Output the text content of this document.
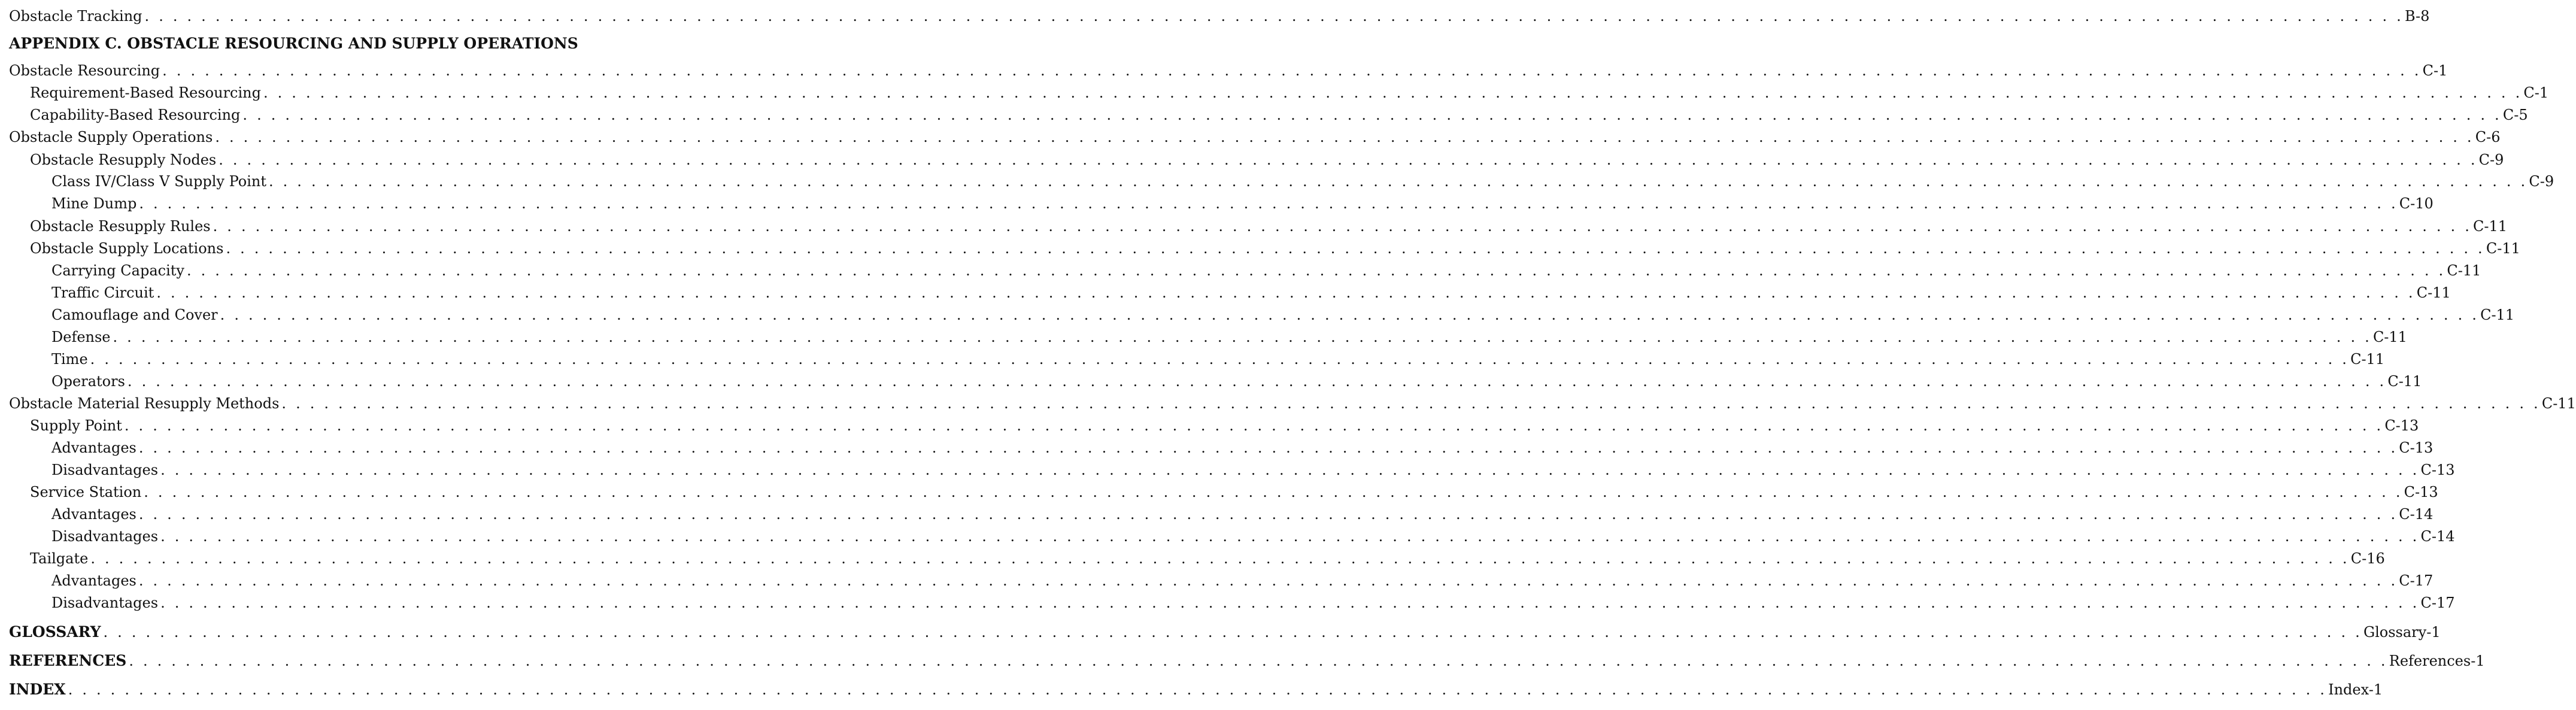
Obstacle Tracking . . . . . . . . . . . . . . . . . . . . . . . . . . . . . . . . . . . . . . . . . . . . . . . . . . . . . . . . . . . . . . . . . . . . . . . . . . . . . . . . . . . . . . . . . . . . . . . . . . . . . . . . . . . . . . . . . . . . . . . . . . . . . . . . . . . . . . . . . . . . . . . . . . . . . . . . . . . . . . . . B-8
APPENDIX C. OBSTACLE RESOURCING AND SUPPLY OPERATIONS
Obstacle Resourcing . . . . . . . . . . . . . . . . . . . . . . . . . . . . . . . . . . . . . . . . . . . . . . . . . . . . . . . . . . . . . . . . . . . . . . . . . . . . . . . . . . . . . . . . . . . . . . . . . . . . . . . . . . . . . . . . . . . . . . . . . . . . . . . . . . . . . . . . . . . . . . . . . . . . . . . . . . . . . . . . C-1
Requirement-Based Resourcing . . . . . . . . . . . . . . . . . . . . . . . . . . . . . . . . . . . . . . . . . . . . . . . . . . . . . . . . . . . . . . . . . . . . . . . . . . . . . . . . . . . . . . . . . . . . . . . . . . . . . . . . . . . . . . . . . . . . . . . . . . . . . . . . . . . . . . . . . . . . . . . . . . . . . . . . . . . . . . . . C-1
Capability-Based Resourcing . . . . . . . . . . . . . . . . . . . . . . . . . . . . . . . . . . . . . . . . . . . . . . . . . . . . . . . . . . . . . . . . . . . . . . . . . . . . . . . . . . . . . . . . . . . . . . . . . . . . . . . . . . . . . . . . . . . . . . . . . . . . . . . . . . . . . . . . . . . . . . . . . . . . . . . . . . . . . . . . C-5
Obstacle Supply Operations . . . . . . . . . . . . . . . . . . . . . . . . . . . . . . . . . . . . . . . . . . . . . . . . . . . . . . . . . . . . . . . . . . . . . . . . . . . . . . . . . . . . . . . . . . . . . . . . . . . . . . . . . . . . . . . . . . . . . . . . . . . . . . . . . . . . . . . . . . . . . . . . . . . . . . . . . . . . . . . . C-6
Obstacle Resupply Nodes . . . . . . . . . . . . . . . . . . . . . . . . . . . . . . . . . . . . . . . . . . . . . . . . . . . . . . . . . . . . . . . . . . . . . . . . . . . . . . . . . . . . . . . . . . . . . . . . . . . . . . . . . . . . . . . . . . . . . . . . . . . . . . . . . . . . . . . . . . . . . . . . . . . . . . . . . . . . . . . . C-9
Class IV/Class V Supply Point . . . . . . . . . . . . . . . . . . . . . . . . . . . . . . . . . . . . . . . . . . . . . . . . . . . . . . . . . . . . . . . . . . . . . . . . . . . . . . . . . . . . . . . . . . . . . . . . . . . . . . . . . . . . . . . . . . . . . . . . . . . . . . . . . . . . . . . . . . . . . . . . . . . . . . . . . . . . . . . . C-9
Mine Dump . . . . . . . . . . . . . . . . . . . . . . . . . . . . . . . . . . . . . . . . . . . . . . . . . . . . . . . . . . . . . . . . . . . . . . . . . . . . . . . . . . . . . . . . . . . . . . . . . . . . . . . . . . . . . . . . . . . . . . . . . . . . . . . . . . . . . . . . . . . . . . . . . . . . . . . . . . . . . . . . C-10
Obstacle Resupply Rules . . . . . . . . . . . . . . . . . . . . . . . . . . . . . . . . . . . . . . . . . . . . . . . . . . . . . . . . . . . . . . . . . . . . . . . . . . . . . . . . . . . . . . . . . . . . . . . . . . . . . . . . . . . . . . . . . . . . . . . . . . . . . . . . . . . . . . . . . . . . . . . . . . . . . . . . . . . . . . . . C-11
Obstacle Supply Locations . . . . . . . . . . . . . . . . . . . . . . . . . . . . . . . . . . . . . . . . . . . . . . . . . . . . . . . . . . . . . . . . . . . . . . . . . . . . . . . . . . . . . . . . . . . . . . . . . . . . . . . . . . . . . . . . . . . . . . . . . . . . . . . . . . . . . . . . . . . . . . . . . . . . . . . . . . . . . . . . C-11
Carrying Capacity . . . . . . . . . . . . . . . . . . . . . . . . . . . . . . . . . . . . . . . . . . . . . . . . . . . . . . . . . . . . . . . . . . . . . . . . . . . . . . . . . . . . . . . . . . . . . . . . . . . . . . . . . . . . . . . . . . . . . . . . . . . . . . . . . . . . . . . . . . . . . . . . . . . . . . . . . . . . . . . . C-11
Traffic Circuit . . . . . . . . . . . . . . . . . . . . . . . . . . . . . . . . . . . . . . . . . . . . . . . . . . . . . . . . . . . . . . . . . . . . . . . . . . . . . . . . . . . . . . . . . . . . . . . . . . . . . . . . . . . . . . . . . . . . . . . . . . . . . . . . . . . . . . . . . . . . . . . . . . . . . . . . . . . . . . . . C-11
Camouflage and Cover . . . . . . . . . . . . . . . . . . . . . . . . . . . . . . . . . . . . . . . . . . . . . . . . . . . . . . . . . . . . . . . . . . . . . . . . . . . . . . . . . . . . . . . . . . . . . . . . . . . . . . . . . . . . . . . . . . . . . . . . . . . . . . . . . . . . . . . . . . . . . . . . . . . . . . . . . . . . . . . . C-11
Defense . . . . . . . . . . . . . . . . . . . . . . . . . . . . . . . . . . . . . . . . . . . . . . . . . . . . . . . . . . . . . . . . . . . . . . . . . . . . . . . . . . . . . . . . . . . . . . . . . . . . . . . . . . . . . . . . . . . . . . . . . . . . . . . . . . . . . . . . . . . . . . . . . . . . . . . . . . . . . . . . C-11
Time . . . . . . . . . . . . . . . . . . . . . . . . . . . . . . . . . . . . . . . . . . . . . . . . . . . . . . . . . . . . . . . . . . . . . . . . . . . . . . . . . . . . . . . . . . . . . . . . . . . . . . . . . . . . . . . . . . . . . . . . . . . . . . . . . . . . . . . . . . . . . . . . . . . . . . . . . . . . . . . . C-11
Operators . . . . . . . . . . . . . . . . . . . . . . . . . . . . . . . . . . . . . . . . . . . . . . . . . . . . . . . . . . . . . . . . . . . . . . . . . . . . . . . . . . . . . . . . . . . . . . . . . . . . . . . . . . . . . . . . . . . . . . . . . . . . . . . . . . . . . . . . . . . . . . . . . . . . . . . . . . . . . . . . C-11
Obstacle Material Resupply Methods . . . . . . . . . . . . . . . . . . . . . . . . . . . . . . . . . . . . . . . . . . . . . . . . . . . . . . . . . . . . . . . . . . . . . . . . . . . . . . . . . . . . . . . . . . . . . . . . . . . . . . . . . . . . . . . . . . . . . . . . . . . . . . . . . . . . . . . . . . . . . . . . . . . . . . . . . . . . . . . . C-11
Supply Point . . . . . . . . . . . . . . . . . . . . . . . . . . . . . . . . . . . . . . . . . . . . . . . . . . . . . . . . . . . . . . . . . . . . . . . . . . . . . . . . . . . . . . . . . . . . . . . . . . . . . . . . . . . . . . . . . . . . . . . . . . . . . . . . . . . . . . . . . . . . . . . . . . . . . . . . . . . . . . . . C-13
Advantages . . . . . . . . . . . . . . . . . . . . . . . . . . . . . . . . . . . . . . . . . . . . . . . . . . . . . . . . . . . . . . . . . . . . . . . . . . . . . . . . . . . . . . . . . . . . . . . . . . . . . . . . . . . . . . . . . . . . . . . . . . . . . . . . . . . . . . . . . . . . . . . . . . . . . . . . . . . . . . . . C-13
Disadvantages . . . . . . . . . . . . . . . . . . . . . . . . . . . . . . . . . . . . . . . . . . . . . . . . . . . . . . . . . . . . . . . . . . . . . . . . . . . . . . . . . . . . . . . . . . . . . . . . . . . . . . . . . . . . . . . . . . . . . . . . . . . . . . . . . . . . . . . . . . . . . . . . . . . . . . . . . . . . . . . . C-13
Service Station . . . . . . . . . . . . . . . . . . . . . . . . . . . . . . . . . . . . . . . . . . . . . . . . . . . . . . . . . . . . . . . . . . . . . . . . . . . . . . . . . . . . . . . . . . . . . . . . . . . . . . . . . . . . . . . . . . . . . . . . . . . . . . . . . . . . . . . . . . . . . . . . . . . . . . . . . . . . . . . . C-13
Advantages . . . . . . . . . . . . . . . . . . . . . . . . . . . . . . . . . . . . . . . . . . . . . . . . . . . . . . . . . . . . . . . . . . . . . . . . . . . . . . . . . . . . . . . . . . . . . . . . . . . . . . . . . . . . . . . . . . . . . . . . . . . . . . . . . . . . . . . . . . . . . . . . . . . . . . . . . . . . . . . . C-14
Disadvantages . . . . . . . . . . . . . . . . . . . . . . . . . . . . . . . . . . . . . . . . . . . . . . . . . . . . . . . . . . . . . . . . . . . . . . . . . . . . . . . . . . . . . . . . . . . . . . . . . . . . . . . . . . . . . . . . . . . . . . . . . . . . . . . . . . . . . . . . . . . . . . . . . . . . . . . . . . . . . . . . C-14
Tailgate . . . . . . . . . . . . . . . . . . . . . . . . . . . . . . . . . . . . . . . . . . . . . . . . . . . . . . . . . . . . . . . . . . . . . . . . . . . . . . . . . . . . . . . . . . . . . . . . . . . . . . . . . . . . . . . . . . . . . . . . . . . . . . . . . . . . . . . . . . . . . . . . . . . . . . . . . . . . . . . . C-16
Advantages . . . . . . . . . . . . . . . . . . . . . . . . . . . . . . . . . . . . . . . . . . . . . . . . . . . . . . . . . . . . . . . . . . . . . . . . . . . . . . . . . . . . . . . . . . . . . . . . . . . . . . . . . . . . . . . . . . . . . . . . . . . . . . . . . . . . . . . . . . . . . . . . . . . . . . . . . . . . . . . . C-17
Disadvantages . . . . . . . . . . . . . . . . . . . . . . . . . . . . . . . . . . . . . . . . . . . . . . . . . . . . . . . . . . . . . . . . . . . . . . . . . . . . . . . . . . . . . . . . . . . . . . . . . . . . . . . . . . . . . . . . . . . . . . . . . . . . . . . . . . . . . . . . . . . . . . . . . . . . . . . . . . . . . . . . C-17
GLOSSARY . . . . . . . . . . . . . . . . . . . . . . . . . . . . . . . . . . . . . . . . . . . . . . . . . . . . . . . . . . . . . . . . . . . . . . . . . . . . . . . . . . . . . . . . . . . . . . . . . . . . . . . . . . . . . . . . . . . . . . . . . . . . . . . . . . . . . . . . . . . . . . . . . . . . . . . . . . . . . . . . Glossary-1
REFERENCES . . . . . . . . . . . . . . . . . . . . . . . . . . . . . . . . . . . . . . . . . . . . . . . . . . . . . . . . . . . . . . . . . . . . . . . . . . . . . . . . . . . . . . . . . . . . . . . . . . . . . . . . . . . . . . . . . . . . . . . . . . . . . . . . . . . . . . . . . . . . . . . . . . . . . . . . . . . . . . . . References-1
INDEX . . . . . . . . . . . . . . . . . . . . . . . . . . . . . . . . . . . . . . . . . . . . . . . . . . . . . . . . . . . . . . . . . . . . . . . . . . . . . . . . . . . . . . . . . . . . . . . . . . . . . . . . . . . . . . . . . . . . . . . . . . . . . . . . . . . . . . . . . . . . . . . . . . . . . . . . . . . . . . . . Index-1
